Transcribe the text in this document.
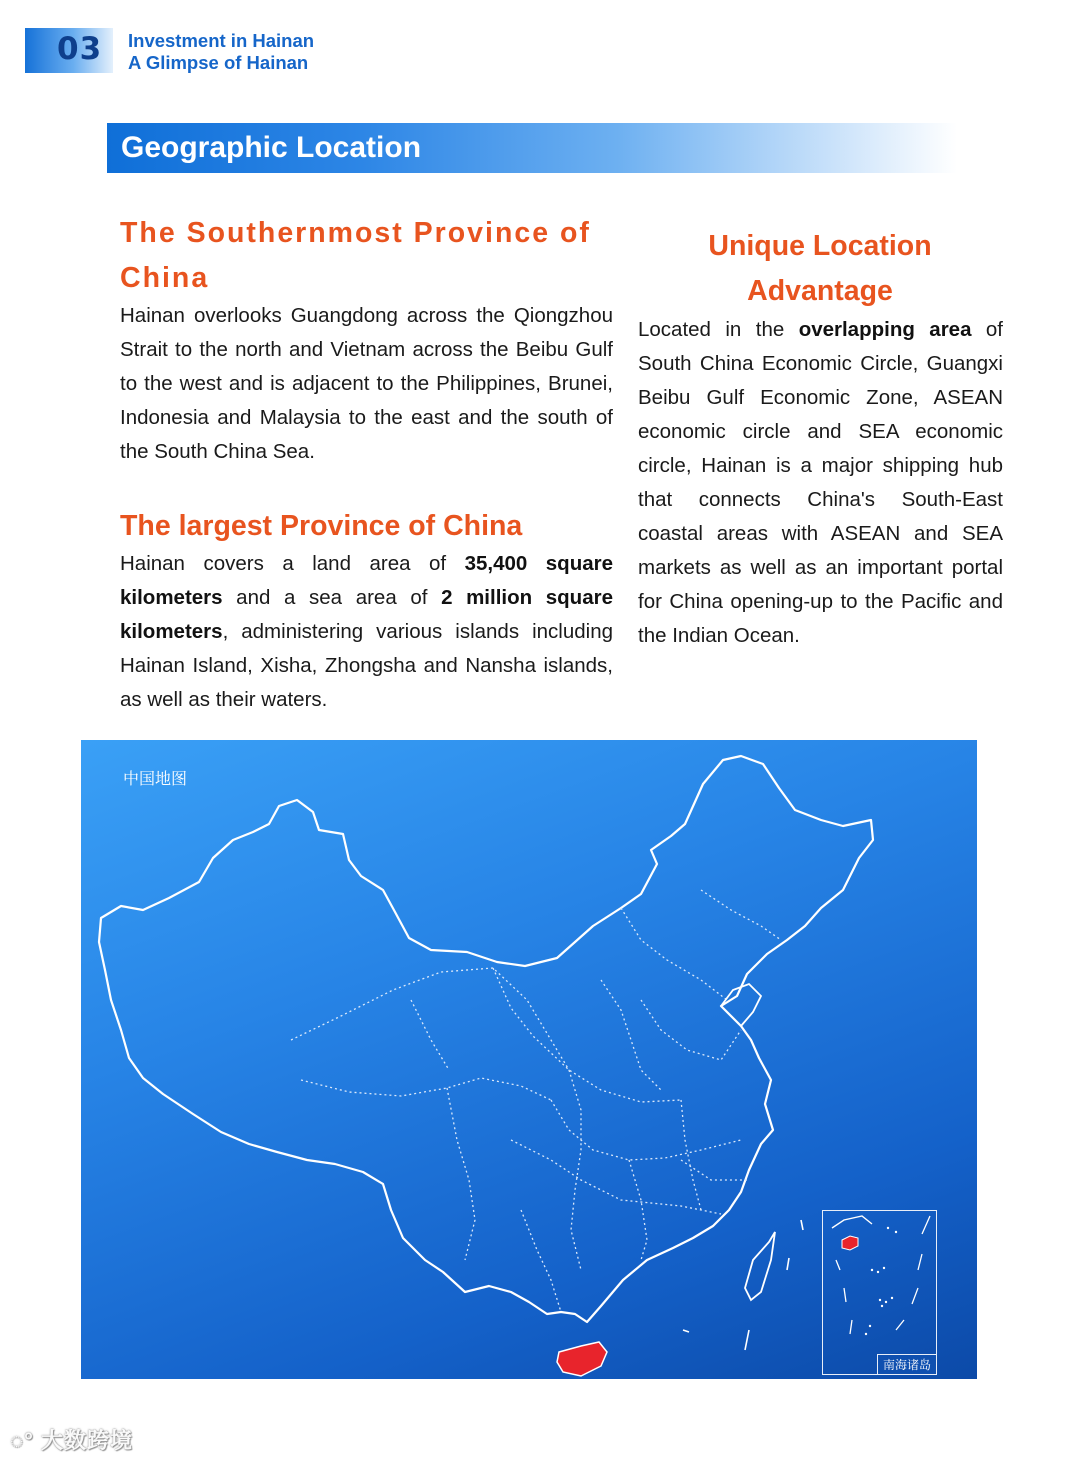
03 Investment in Hainan
A Glimpse of Hainan
Geographic Location
The Southernmost Province of China
Hainan overlooks Guangdong across the Qiongzhou Strait to the north and Vietnam across the Beibu Gulf to the west and is adjacent to the Philippines, Brunei, Indonesia and Malaysia to the east and the south of the South China Sea.
The largest Province of China
Hainan covers a land area of 35,400 square kilometers and a sea area of 2 million square kilometers, administering various islands including Hainan Island, Xisha, Zhongsha and Nansha islands, as well as their waters.
Unique Location Advantage
Located in the overlapping area of South China Economic Circle, Guangxi Beibu Gulf Economic Zone, ASEAN economic circle and SEA economic circle, Hainan is a major shipping hub that connects China's South-East coastal areas with ASEAN and SEA markets as well as an important portal for China opening-up to the Pacific and the Indian Ocean.
中国地图
南海诸岛
◌° 大数跨境
